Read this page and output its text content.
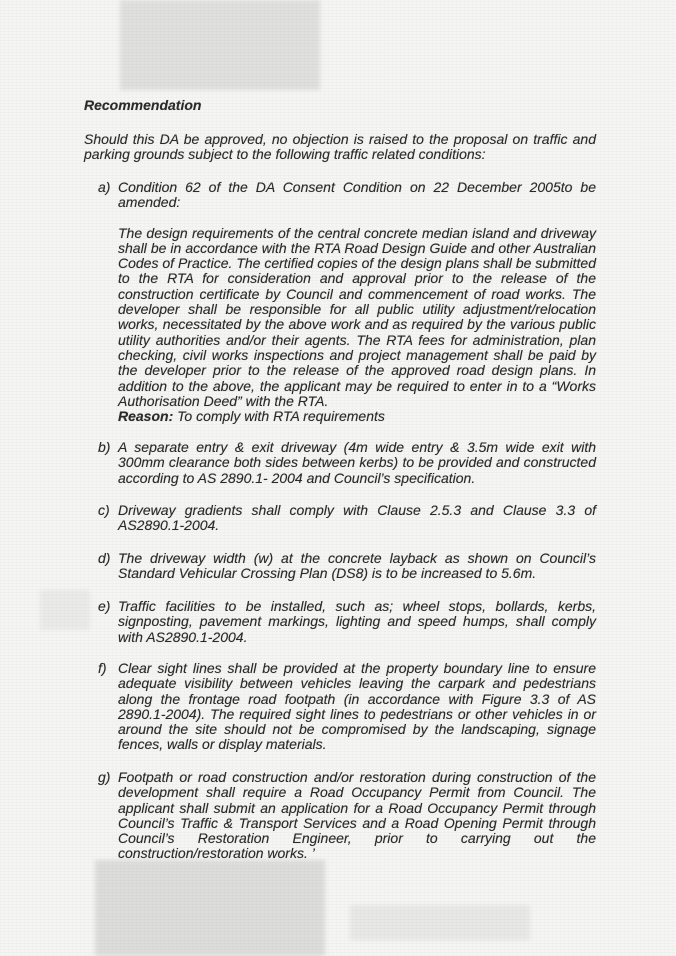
Recommendation
Should this DA be approved, no objection is raised to the proposal on traffic and parking grounds subject to the following traffic related conditions:
a) Condition 62 of the DA Consent Condition on 22 December 2005to be amended:
The design requirements of the central concrete median island and driveway shall be in accordance with the RTA Road Design Guide and other Australian Codes of Practice. The certified copies of the design plans shall be submitted to the RTA for consideration and approval prior to the release of the construction certificate by Council and commencement of road works. The developer shall be responsible for all public utility adjustment/relocation works, necessitated by the above work and as required by the various public utility authorities and/or their agents. The RTA fees for administration, plan checking, civil works inspections and project management shall be paid by the developer prior to the release of the approved road design plans. In addition to the above, the applicant may be required to enter in to a “Works Authorisation Deed” with the RTA.
Reason: To comply with RTA requirements
b) A separate entry & exit driveway (4m wide entry & 3.5m wide exit with 300mm clearance both sides between kerbs) to be provided and constructed according to AS 2890.1- 2004 and Council’s specification.
c) Driveway gradients shall comply with Clause 2.5.3 and Clause 3.3 of AS2890.1-2004.
d) The driveway width (w) at the concrete layback as shown on Council’s Standard Vehicular Crossing Plan (DS8) is to be increased to 5.6m.
e) Traffic facilities to be installed, such as; wheel stops, bollards, kerbs, signposting, pavement markings, lighting and speed humps, shall comply with AS2890.1-2004.
f) Clear sight lines shall be provided at the property boundary line to ensure adequate visibility between vehicles leaving the carpark and pedestrians along the frontage road footpath (in accordance with Figure 3.3 of AS 2890.1-2004). The required sight lines to pedestrians or other vehicles in or around the site should not be compromised by the landscaping, signage fences, walls or display materials.
g) Footpath or road construction and/or restoration during construction of the development shall require a Road Occupancy Permit from Council. The applicant shall submit an application for a Road Occupancy Permit through Council’s Traffic & Transport Services and a Road Opening Permit through Council’s Restoration Engineer, prior to carrying out the construction/restoration works. ’
